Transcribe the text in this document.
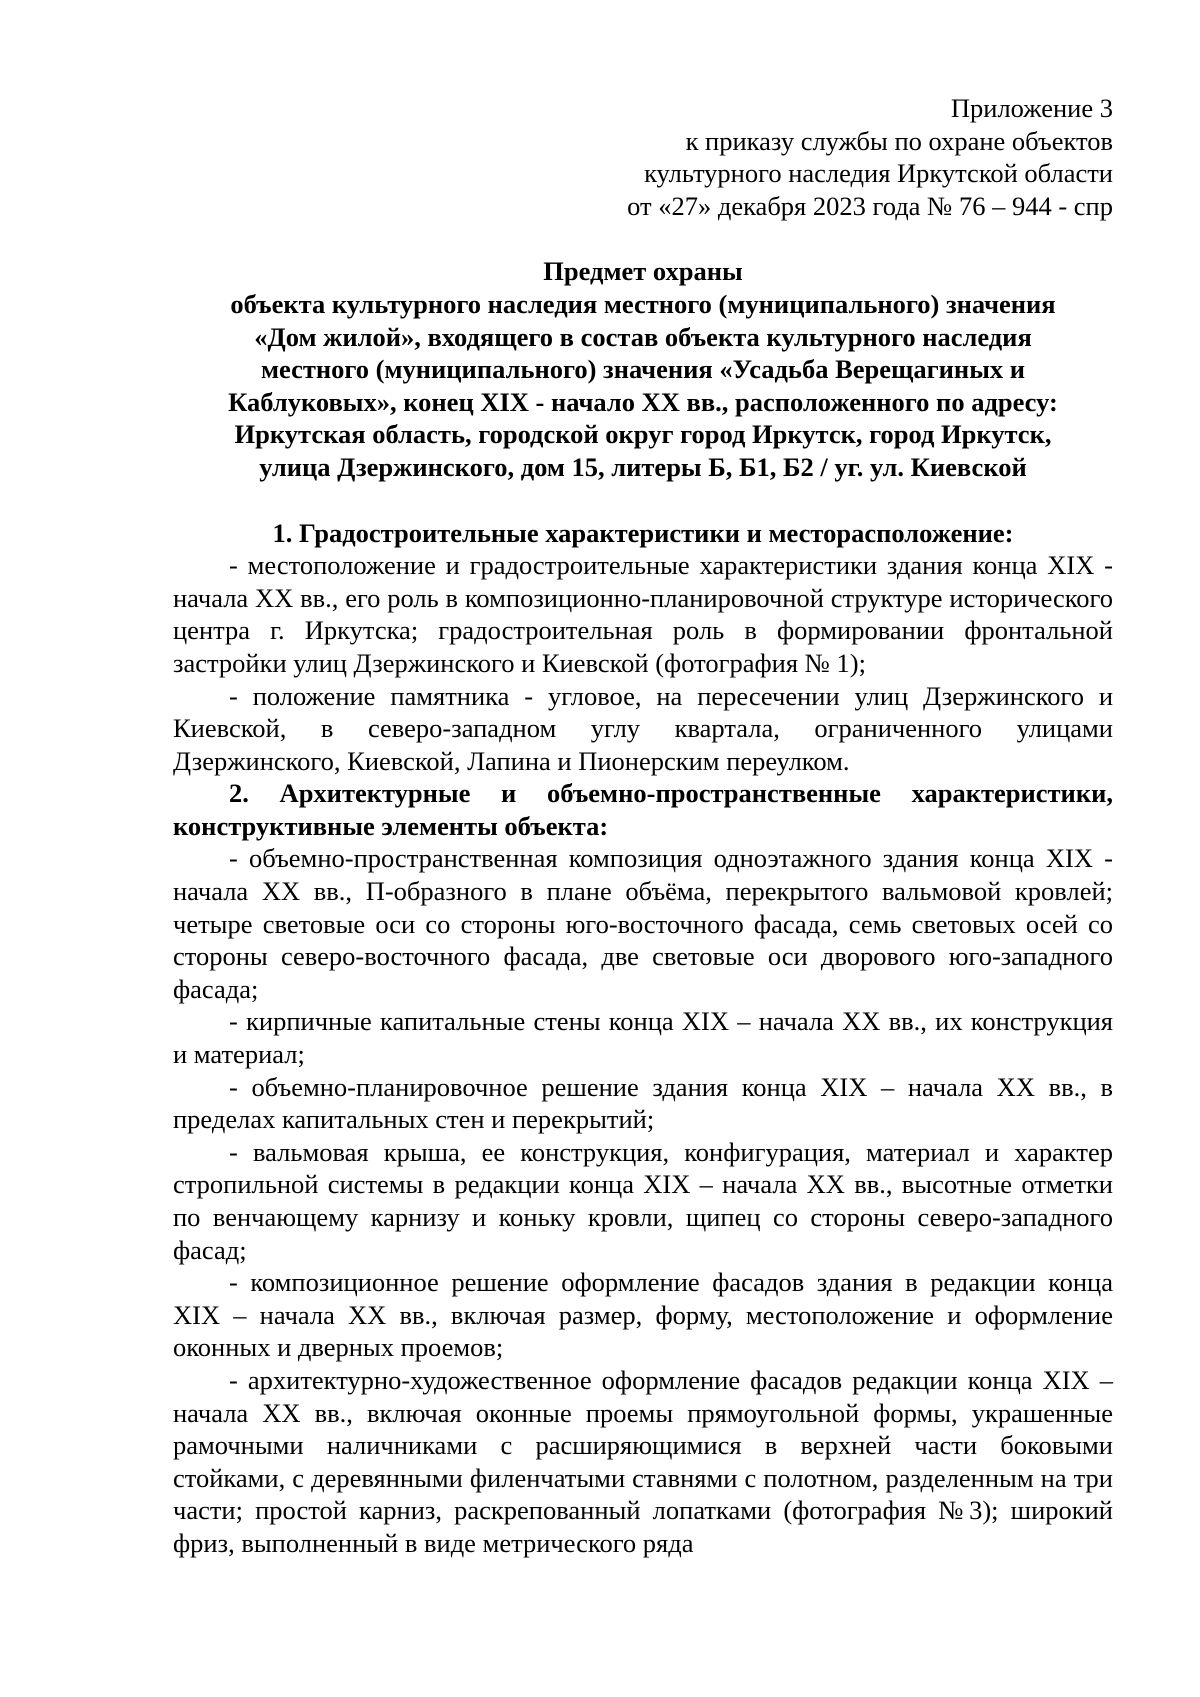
Приложение 3
к приказу службы по охране объектов
культурного наследия Иркутской области
от «27» декабря 2023 года № 76 – 944 - спр
Предмет охраны
объекта культурного наследия местного (муниципального) значения
«Дом жилой», входящего в состав объекта культурного наследия
местного (муниципального) значения «Усадьба Верещагиных и
Каблуковых», конец XIX - начало XX вв., расположенного по адресу:
Иркутская область, городской округ город Иркутск, город Иркутск,
улица Дзержинского, дом 15, литеры Б, Б1, Б2 / уг. ул. Киевской

1. Градостроительные характеристики и месторасположение:

- местоположение и градостроительные характеристики здания конца XIX - начала XX вв., его роль в композиционно-планировочной структуре исторического центра г. Иркутска; градостроительная роль в формировании фронтальной застройки улиц Дзержинского и Киевской (фотография № 1);

- положение памятника - угловое, на пересечении улиц Дзержинского и Киевской, в северо-западном углу квартала, ограниченного улицами Дзержинского, Киевской, Лапина и Пионерским переулком.

2. Архитектурные и объемно-пространственные характеристики, конструктивные элементы объекта:

- объемно-пространственная композиция одноэтажного здания конца XIX - начала XX вв., П-образного в плане объёма, перекрытого вальмовой кровлей; четыре световые оси со стороны юго-восточного фасада, семь световых осей со стороны северо-восточного фасада, две световые оси дворового юго-западного фасада;

- кирпичные капитальные стены конца XIX – начала XX вв., их конструкция и материал;

- объемно-планировочное решение здания конца XIX – начала XX вв., в пределах капитальных стен и перекрытий;

- вальмовая крыша, ее конструкция, конфигурация, материал и характер стропильной системы в редакции конца XIX – начала XX вв., высотные отметки по венчающему карнизу и коньку кровли, щипец со стороны северо-западного фасад;

- композиционное решение оформление фасадов здания в редакции конца XIX – начала XX вв., включая размер, форму, местоположение и оформление оконных и дверных проемов;

- архитектурно-художественное оформление фасадов редакции конца XIX – начала XX вв., включая оконные проемы прямоугольной формы, украшенные рамочными наличниками с расширяющимися в верхней части боковыми стойками, с деревянными филенчатыми ставнями с полотном, разделенным на три части; простой карниз, раскрепованный лопатками (фотография №3); широкий фриз, выполненный в виде метрического ряда
